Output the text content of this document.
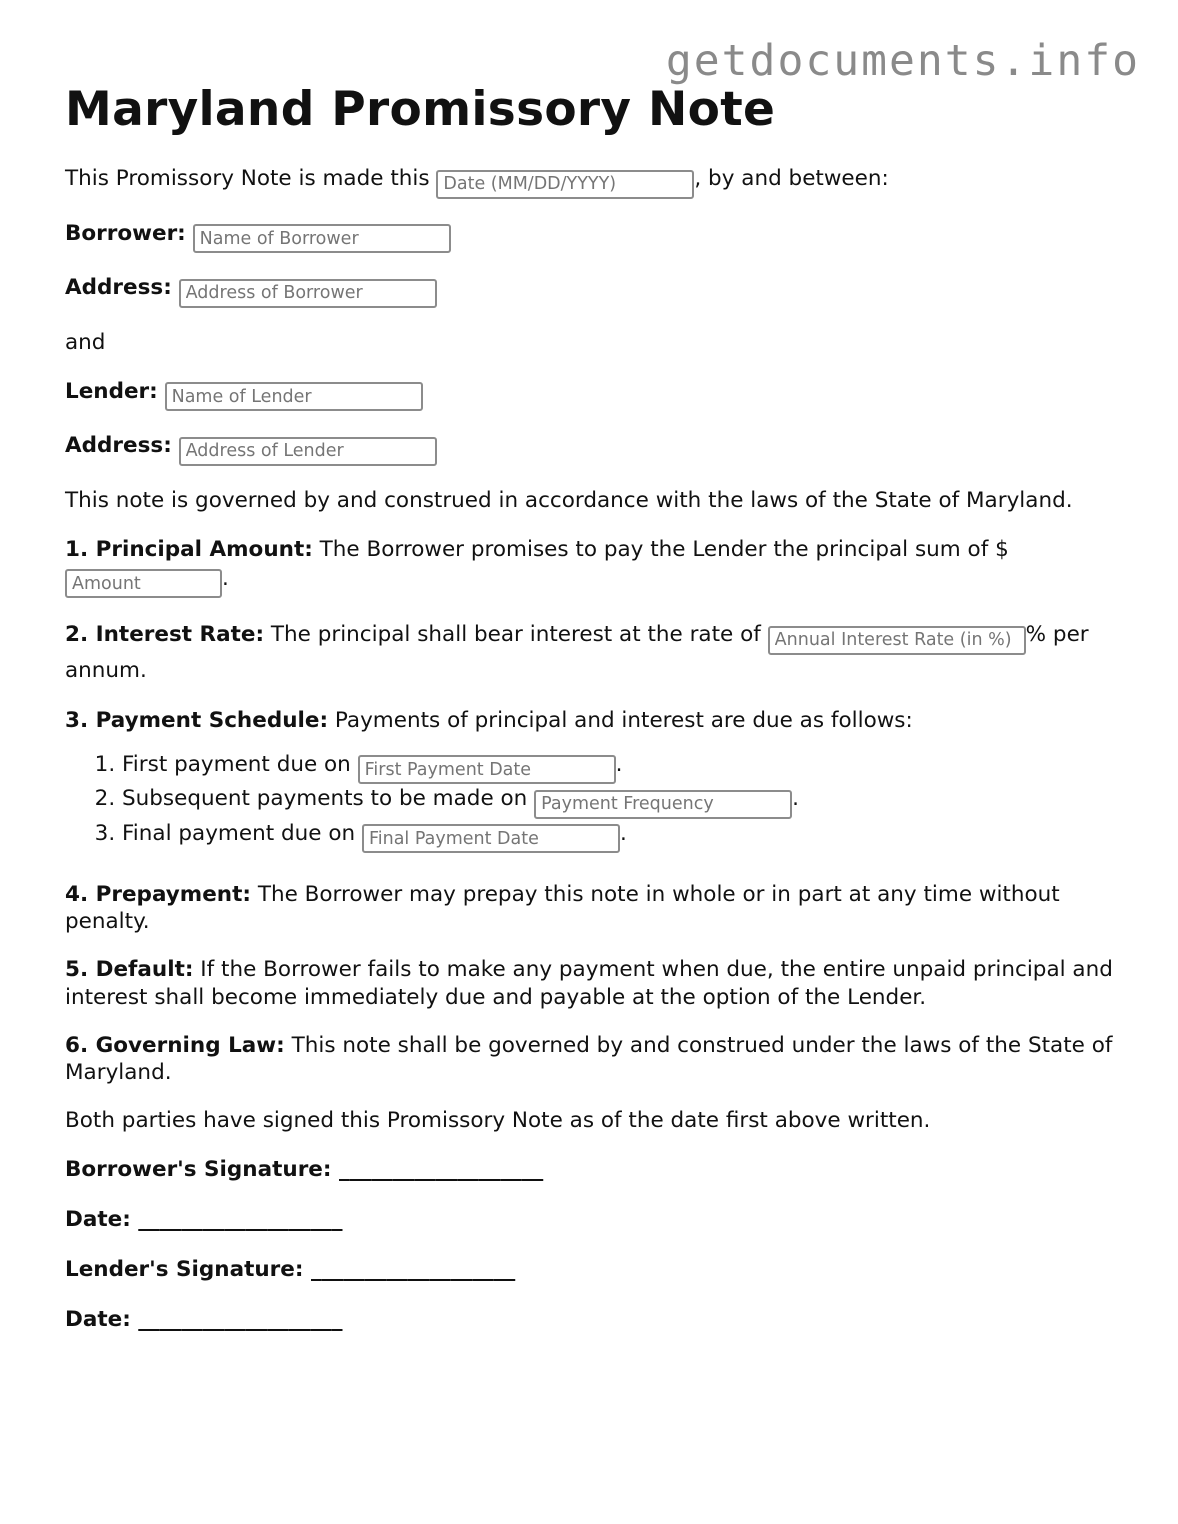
getdocuments.info
Maryland Promissory Note

This Promissory Note is made this Date (MM/DD/YYYY)	, by and between:

Borrower: Name of Borrower

Address: Address of Borrower

and

Lender: Name of Lender

Address: Address of Lender

This note is governed by and construed in accordance with the laws of the State of Maryland.

1. Principal Amount: The Borrower promises to pay the Lender the principal sum of $ Amount.

2. Interest Rate: The principal shall bear interest at the rate of Annual Interest Rate (in %)	% per annum.

3. Payment Schedule: Payments of principal and interest are due as follows:

1. First payment due on First Payment Date	.
2. Subsequent payments to be made on Payment Frequency	.
3. Final payment due on Final Payment Date	.

4. Prepayment: The Borrower may prepay this note in whole or in part at any time without penalty.

5. Default: If the Borrower fails to make any payment when due, the entire unpaid principal and interest shall become immediately due and payable at the option of the Lender.

6. Governing Law: This note shall be governed by and construed under the laws of the State of Maryland.

Both parties have signed this Promissory Note as of the date first above written.

Borrower's Signature: ___________________

Date: ___________________

Lender's Signature: ___________________

Date: ___________________
